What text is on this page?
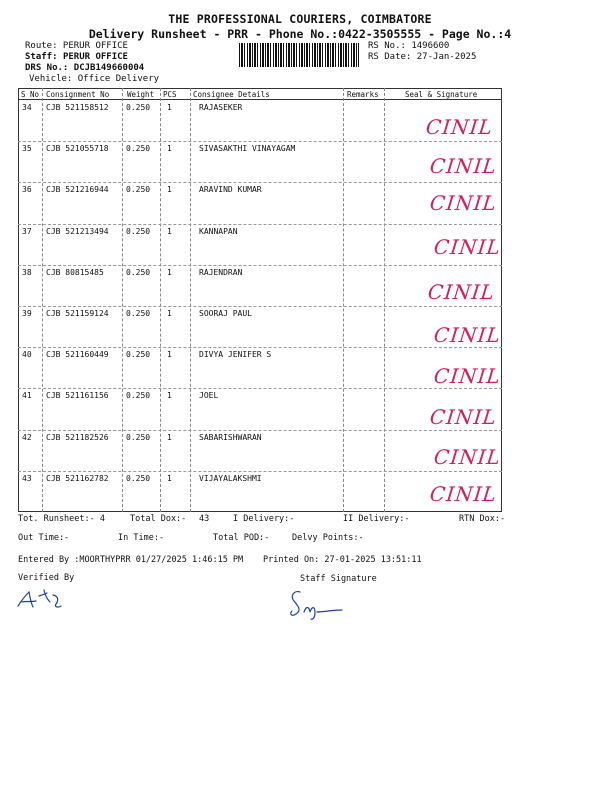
THE PROFESSIONAL COURIERS, COIMBATORE
Delivery Runsheet - PRR - Phone No.:0422-3505555 - Page No.:4
Route: PERUR OFFICE
Staff: PERUR OFFICE
DRS No.: DCJB149660004
Vehicle: Office Delivery
RS No.: 1496600
RS Date: 27-Jan-2025
S No Consignment No Weight PCS Consignee Details	Remarks	Seal & Signature
34 CJB 521158512 0.250 1	RAJASEKER
CINIL
35 CJB 521055718 0.250 1	SIVASAKTHI VINAYAGAM
CINIL
36 CJB 521216944 0.250 1	ARAVIND KUMAR
CINIL
37 CJB 521213494 0.250 1	KANNAPAN
CINIL
38 CJB 80815485	0.250 1	RAJENDRAN
CINIL
39 CJB 521159124 0.250 1	SOORAJ PAUL
CINIL
40 CJB 521160449 0.250 1	DIVYA JENIFER S
CINIL
41 CJB 521161156 0.250 1	JOEL
CINIL
42 CJB 521182526 0.250 1	SABARISHWARAN
CINIL
43 CJB 521162782 0.250 1	VIJAYALAKSHMI
CINIL
Tot. Runsheet:- 4	Total Dox:- 43	I Delivery:-	II Delivery:-	RTN Dox:-
Out Time:-	In Time:-	Total POD:-	Delvy Points:-
Entered By :MOORTHYPRR 01/27/2025 1:46:15 PM Printed On: 27-01-2025 13:51:11
Verified By	Staff Signature
